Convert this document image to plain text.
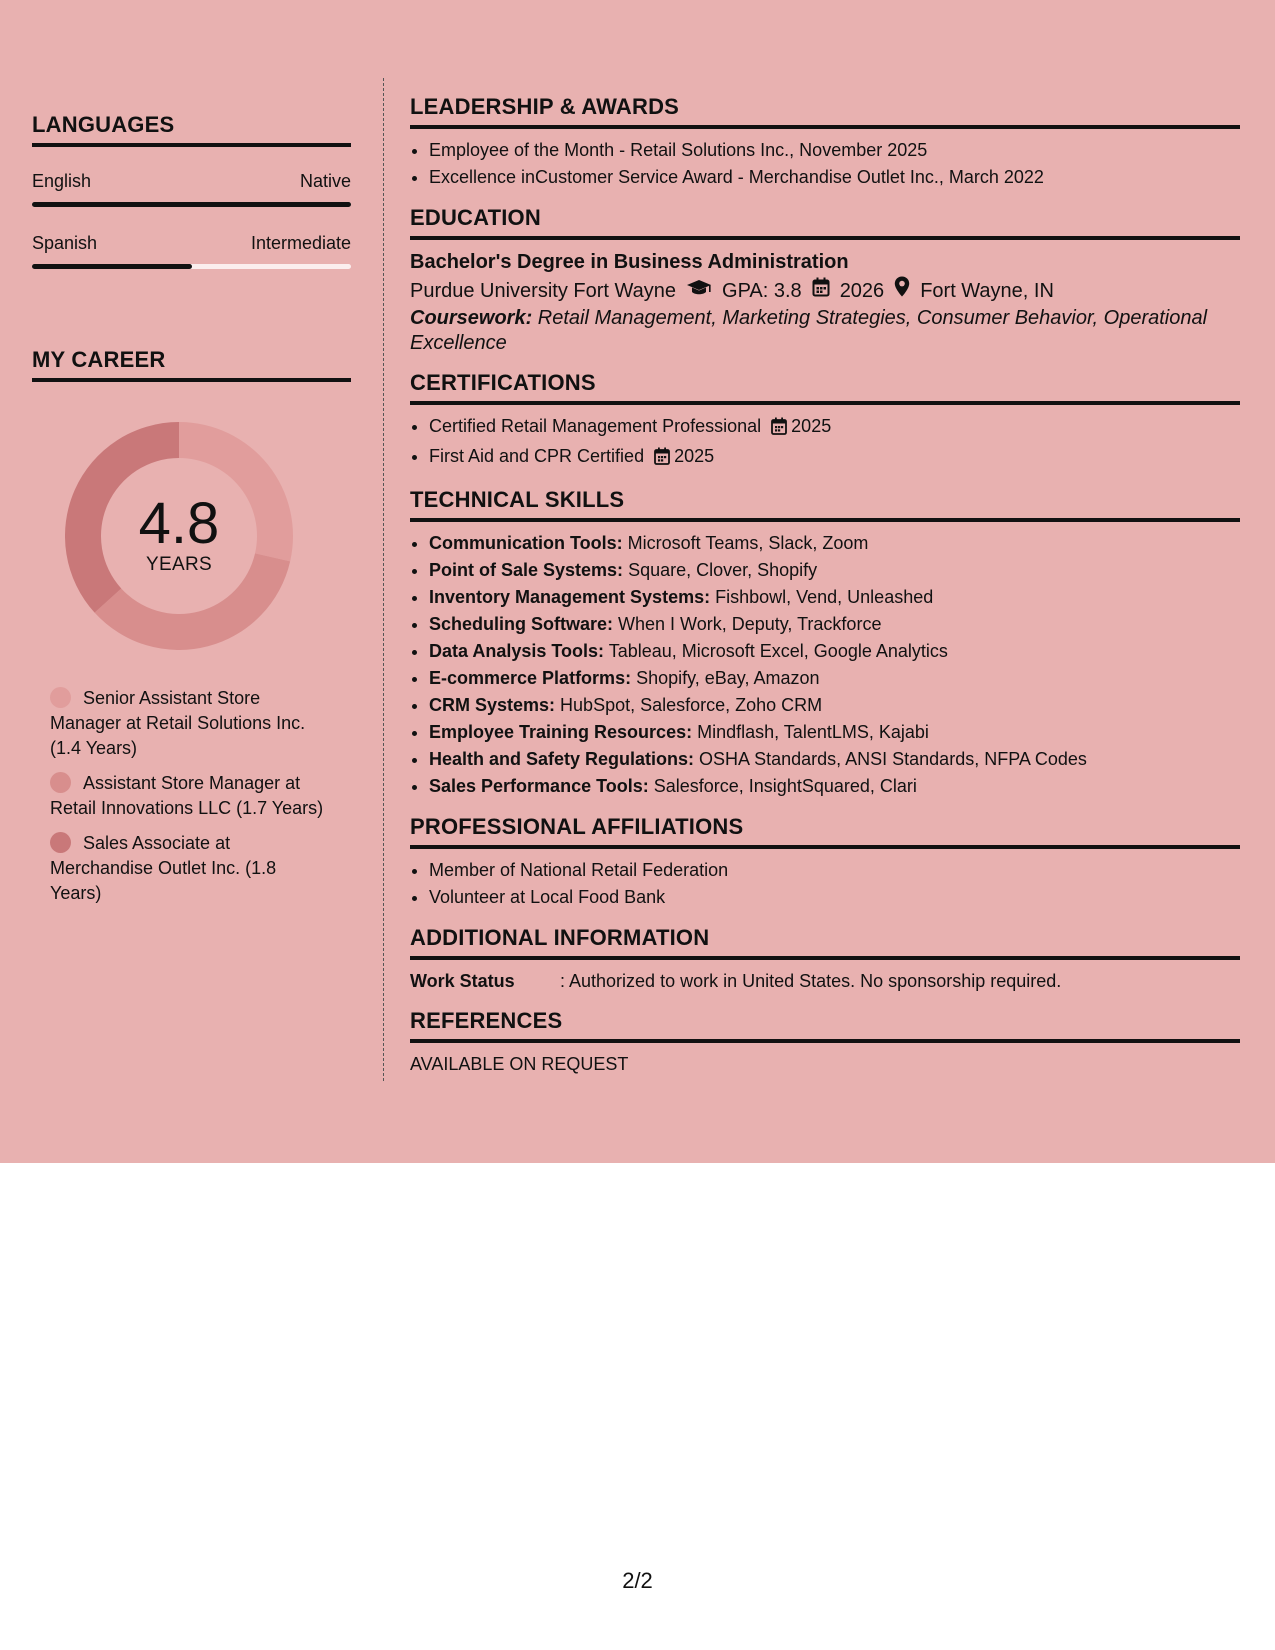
LANGUAGES
English	Native
Spanish	Intermediate
MY CAREER
4.8
YEARS
Senior Assistant Store Manager at Retail Solutions Inc. (1.4 Years)
Assistant Store Manager at Retail Innovations LLC (1.7 Years)
Sales Associate at Merchandise Outlet Inc. (1.8 Years)
LEADERSHIP & AWARDS
• Employee of the Month - Retail Solutions Inc., November 2025
• Excellence inCustomer Service Award - Merchandise Outlet Inc., March 2022
EDUCATION
Bachelor's Degree in Business Administration
Purdue University Fort Wayne GPA: 3.8 2026 Fort Wayne, IN
Coursework: Retail Management, Marketing Strategies, Consumer Behavior, Operational Excellence
CERTIFICATIONS
• Certified Retail Management Professional 2025
• First Aid and CPR Certified 2025
TECHNICAL SKILLS
• Communication Tools: Microsoft Teams, Slack, Zoom
• Point of Sale Systems: Square, Clover, Shopify
• Inventory Management Systems: Fishbowl, Vend, Unleashed
• Scheduling Software: When I Work, Deputy, Trackforce
• Data Analysis Tools: Tableau, Microsoft Excel, Google Analytics
• E-commerce Platforms: Shopify, eBay, Amazon
• CRM Systems: HubSpot, Salesforce, Zoho CRM
• Employee Training Resources: Mindflash, TalentLMS, Kajabi
• Health and Safety Regulations: OSHA Standards, ANSI Standards, NFPA Codes
• Sales Performance Tools: Salesforce, InsightSquared, Clari
PROFESSIONAL AFFILIATIONS
• Member of National Retail Federation
• Volunteer at Local Food Bank
ADDITIONAL INFORMATION
Work Status	: Authorized to work in United States. No sponsorship required.
REFERENCES
AVAILABLE ON REQUEST
2/2
